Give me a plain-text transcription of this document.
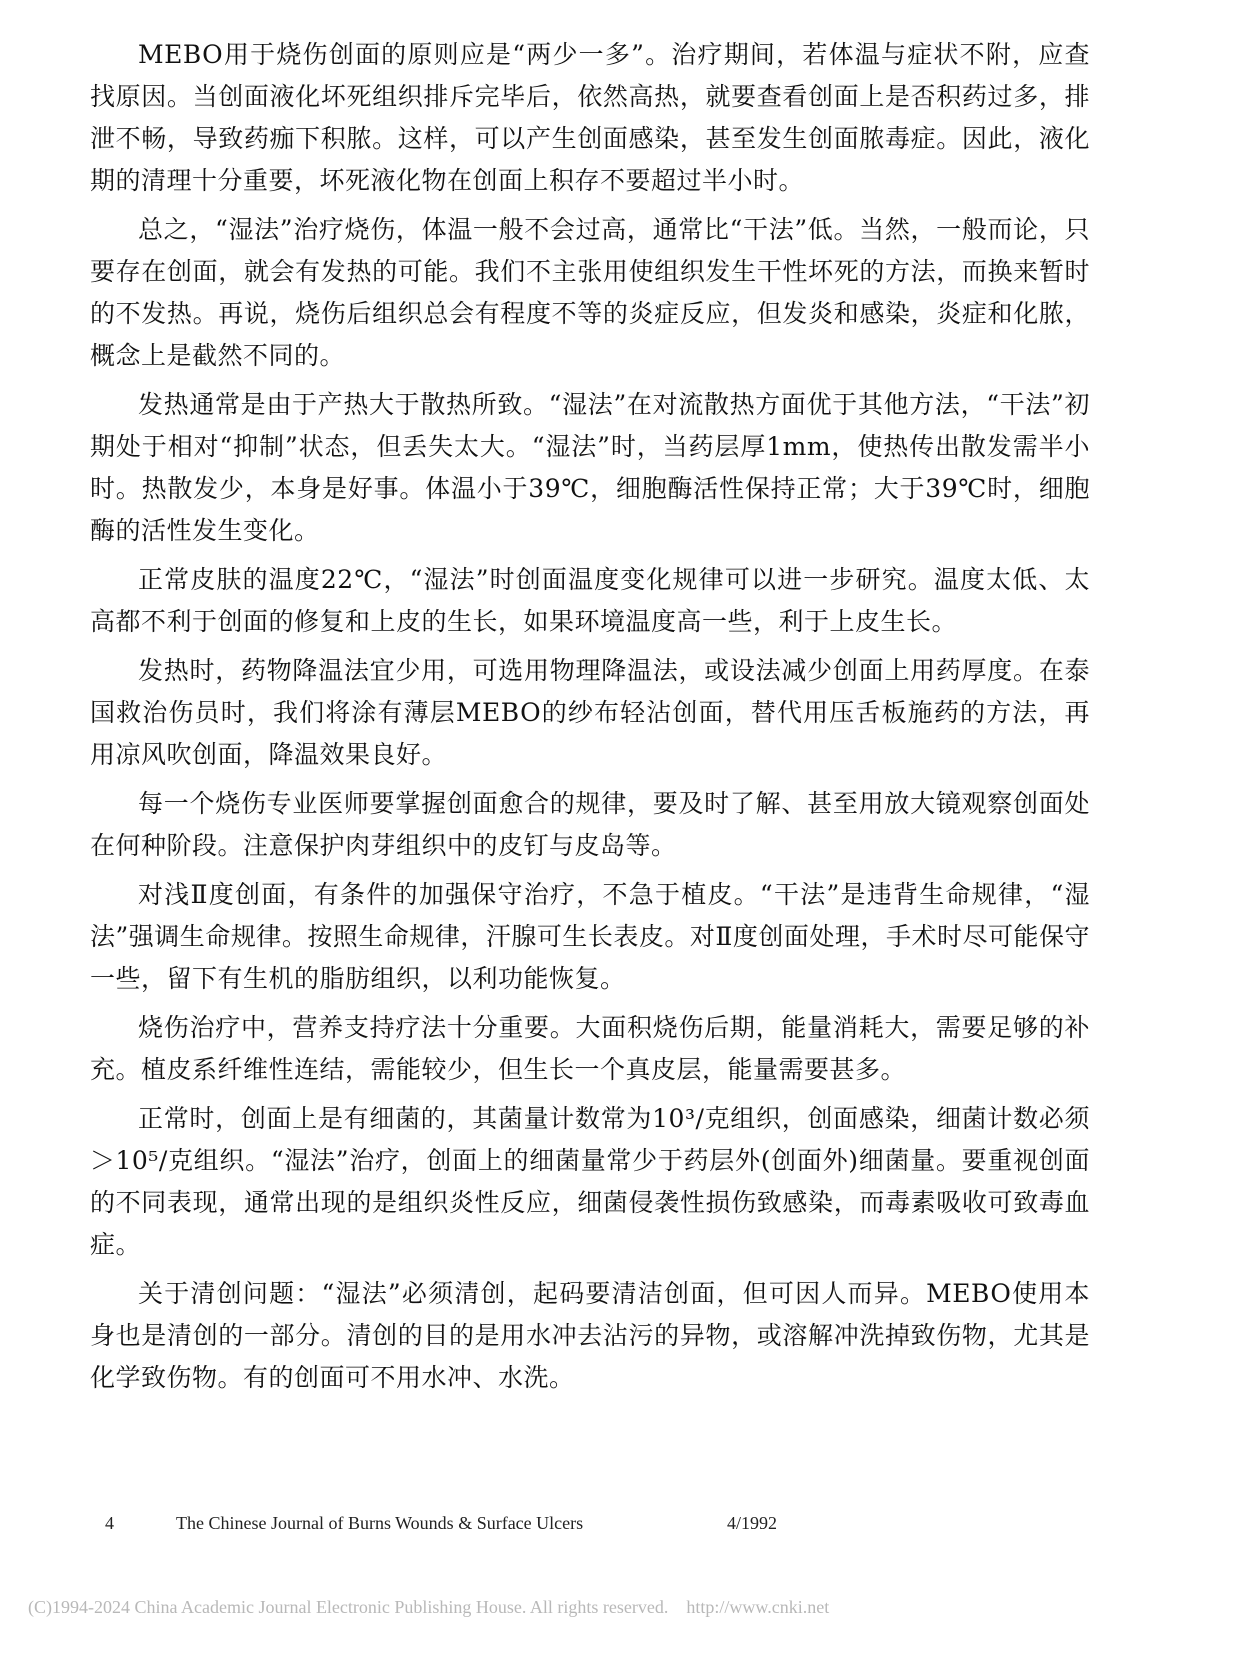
MEBO用于烧伤创面的原则应是“两少一多”。治疗期间，若体温与症状不附，应查找原因。当创面液化坏死组织排斥完毕后，依然高热，就要查看创面上是否积药过多，排泄不畅，导致药痂下积脓。这样，可以产生创面感染，甚至发生创面脓毒症。因此，液化期的清理十分重要，坏死液化物在创面上积存不要超过半小时。

总之，“湿法”治疗烧伤，体温一般不会过高，通常比“干法”低。当然，一般而论，只要存在创面，就会有发热的可能。我们不主张用使组织发生干性坏死的方法，而换来暂时的不发热。再说，烧伤后组织总会有程度不等的炎症反应，但发炎和感染，炎症和化脓，概念上是截然不同的。

发热通常是由于产热大于散热所致。“湿法”在对流散热方面优于其他方法，“干法”初期处于相对“抑制”状态，但丢失太大。“湿法”时，当药层厚1mm，使热传出散发需半小时。热散发少，本身是好事。体温小于39℃，细胞酶活性保持正常；大于39℃时，细胞酶的活性发生变化。

正常皮肤的温度22℃，“湿法”时创面温度变化规律可以进一步研究。温度太低、太高都不利于创面的修复和上皮的生长，如果环境温度高一些，利于上皮生长。

发热时，药物降温法宜少用，可选用物理降温法，或设法减少创面上用药厚度。在泰国救治伤员时，我们将涂有薄层MEBO的纱布轻沾创面，替代用压舌板施药的方法，再用凉风吹创面，降温效果良好。

每一个烧伤专业医师要掌握创面愈合的规律，要及时了解、甚至用放大镜观察创面处在何种阶段。注意保护肉芽组织中的皮钉与皮岛等。

对浅Ⅱ度创面，有条件的加强保守治疗，不急于植皮。“干法”是违背生命规律，“湿法”强调生命规律。按照生命规律，汗腺可生长表皮。对Ⅱ度创面处理，手术时尽可能保守一些，留下有生机的脂肪组织，以利功能恢复。

烧伤治疗中，营养支持疗法十分重要。大面积烧伤后期，能量消耗大，需要足够的补充。植皮系纤维性连结，需能较少，但生长一个真皮层，能量需要甚多。

正常时，创面上是有细菌的，其菌量计数常为10³/克组织，创面感染，细菌计数必须＞10⁵/克组织。“湿法”治疗，创面上的细菌量常少于药层外(创面外)细菌量。要重视创面的不同表现，通常出现的是组织炎性反应，细菌侵袭性损伤致感染，而毒素吸收可致毒血症。

关于清创问题：“湿法”必须清创，起码要清洁创面，但可因人而异。MEBO使用本身也是清创的一部分。清创的目的是用水冲去沾污的异物，或溶解冲洗掉致伤物，尤其是化学致伤物。有的创面可不用水冲、水洗。

4	The Chinese Journal of Burns Wounds & Surface Ulcers	4/1992
(C)1994-2024 China Academic Journal Electronic Publishing House. All rights reserved. http://www.cnki.net
